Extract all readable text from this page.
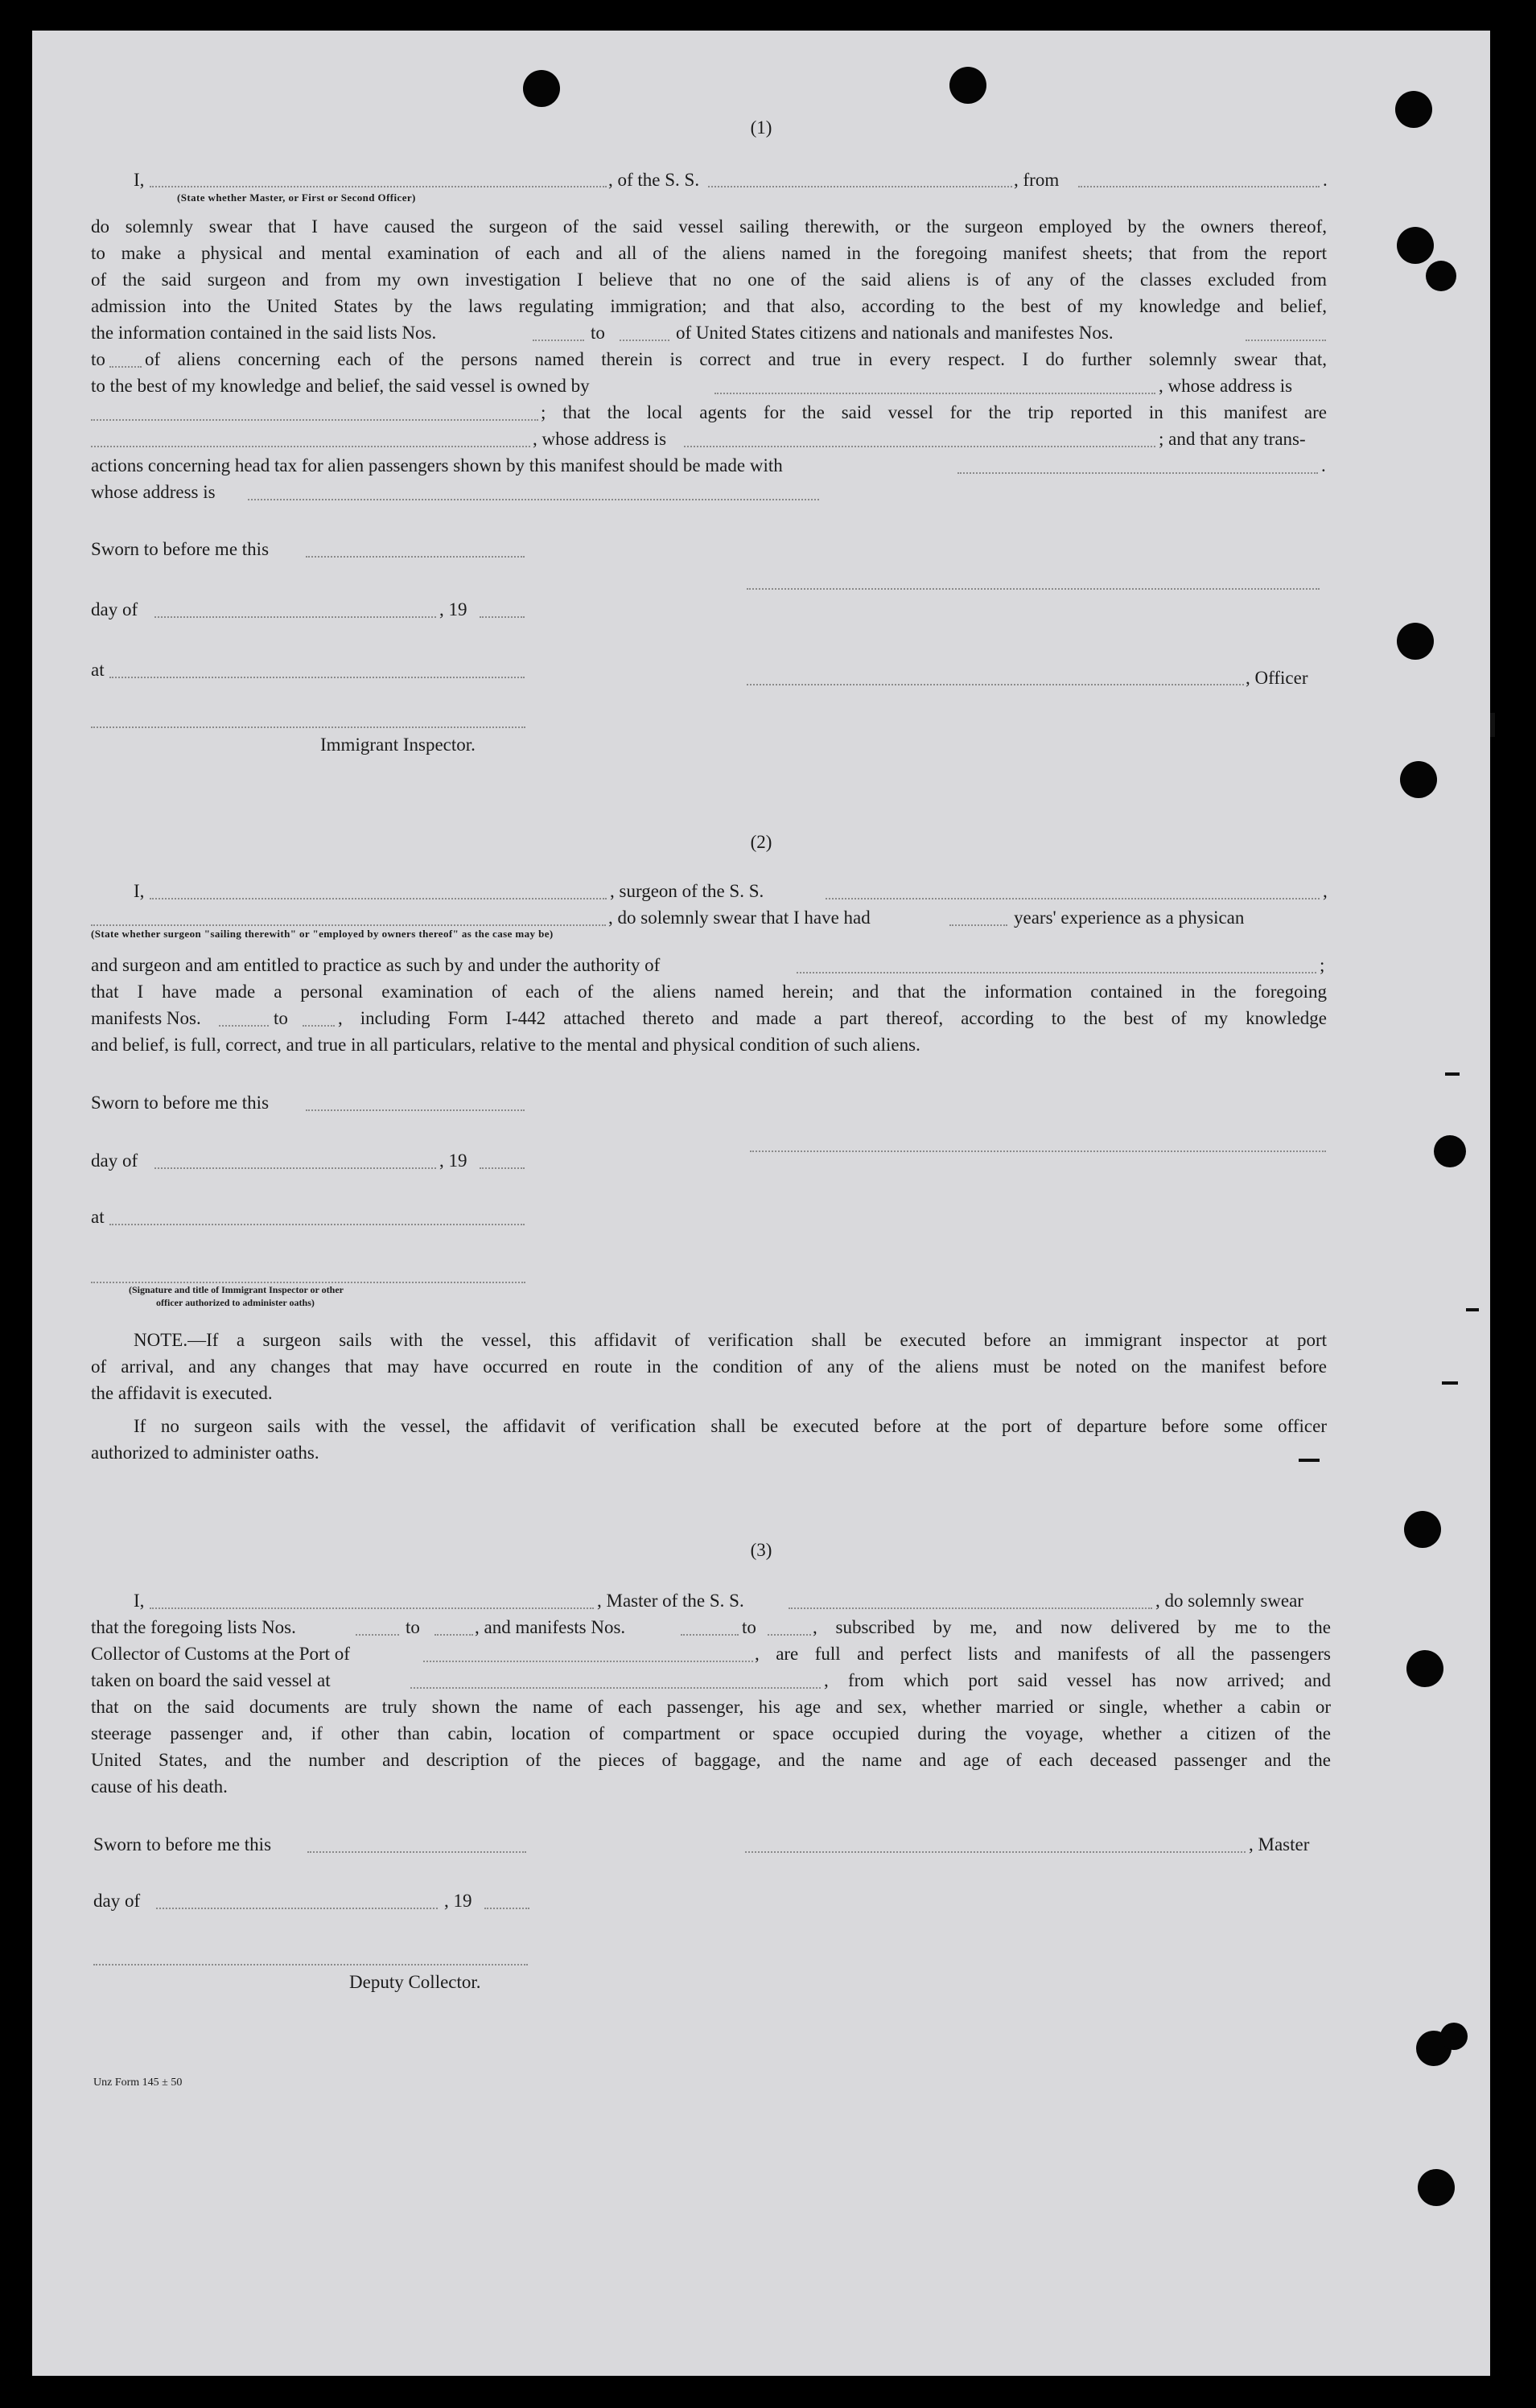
(1)
I,	, of the S. S.	, from	.
(State whether Master, or First or Second Officer)
do solemnly swear that I have caused the surgeon of the said vessel sailing therewith, or the surgeon employed by the owners thereof,
to make a physical and mental examination of each and all of the aliens named in the foregoing manifest sheets; that from the report
of the said surgeon and from my own investigation I believe that no one of the said aliens is of any of the classes excluded from
admission into the United States by the laws regulating immigration; and that also, according to the best of my knowledge and belief,
the information contained in the said lists Nos.	to	of United States citizens and nationals and manifestes Nos.
to of aliens concerning each of the persons named therein is correct and true in every respect. I do further solemnly swear that,
to the best of my knowledge and belief, the said vessel is owned by	, whose address is
; that the local agents for the said vessel for the trip reported in this manifest are
, whose address is	; and that any trans-
actions concerning head tax for alien passengers shown by this manifest should be made with	.
whose address is
Sworn to before me this
day of	, 19
at	, Officer
Immigrant Inspector.
(2)
I,	, surgeon of the S. S.	,
, do solemnly swear that I have had	years' experience as a physican
(State whether surgeon "sailing therewith" or "employed by owners thereof" as the case may be)
and surgeon and am entitled to practice as such by and under the authority of	;
that I have made a personal examination of each of the aliens named herein; and that the information contained in the foregoing
manifests Nos.	to	, including Form I-442 attached thereto and made a part thereof, according to the best of my knowledge
and belief, is full, correct, and true in all particulars, relative to the mental and physical condition of such aliens.
Sworn to before me this
day of	, 19
at
(Signature and title of Immigrant Inspector or other
officer authorized to administer oaths)
NOTE.—If a surgeon sails with the vessel, this affidavit of verification shall be executed before an immigrant inspector at port
of arrival, and any changes that may have occurred en route in the condition of any of the aliens must be noted on the manifest before
the affidavit is executed.
If no surgeon sails with the vessel, the affidavit of verification shall be executed before at the port of departure before some officer
authorized to administer oaths.
(3)
I,	, Master of the S. S.	, do solemnly swear
that the foregoing lists Nos.	to	, and manifests Nos.	to	, subscribed by me, and now delivered by me to the
Collector of Customs at the Port of	, are full and perfect lists and manifests of all the passengers
taken on board the said vessel at	, from which port said vessel has now arrived; and
that on the said documents are truly shown the name of each passenger, his age and sex, whether married or single, whether a cabin or
steerage passenger and, if other than cabin, location of compartment or space occupied during the voyage, whether a citizen of the
United States, and the number and description of the pieces of baggage, and the name and age of each deceased passenger and the
cause of his death.
Sworn to before me this	, Master
day of	, 19
Deputy Collector.
Unz Form 145 ± 50
